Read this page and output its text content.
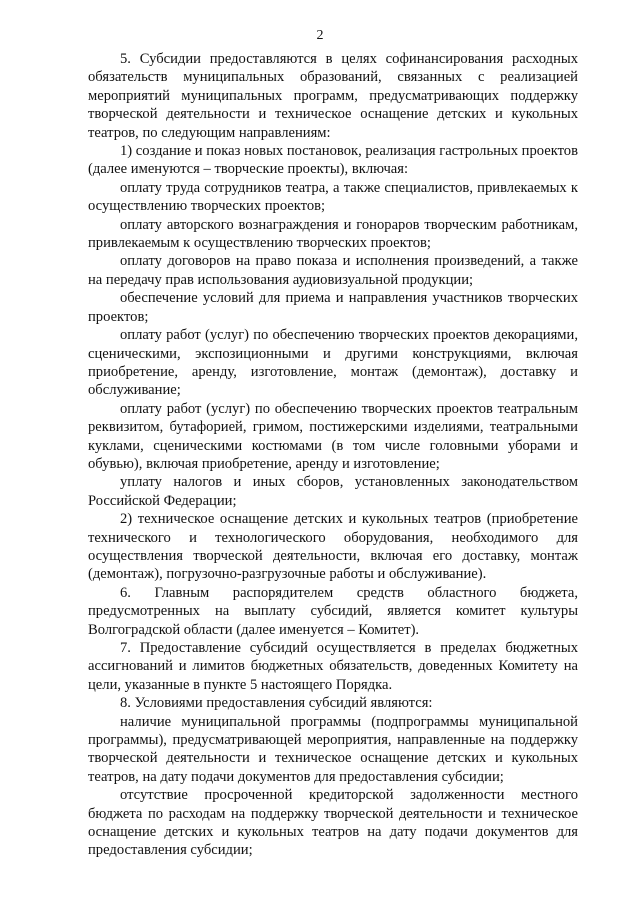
2

5. Субсидии предоставляются в целях софинансирования расходных обязательств муниципальных образований, связанных с реализацией мероприятий муниципальных программ, предусматривающих поддержку творческой деятельности и техническое оснащение детских и кукольных театров, по следующим направлениям:

1) создание и показ новых постановок, реализация гастрольных проектов (далее именуются – творческие проекты), включая:

оплату труда сотрудников театра, а также специалистов, привлекаемых к осуществлению творческих проектов;

оплату авторского вознаграждения и гонораров творческим работникам, привлекаемым к осуществлению творческих проектов;

оплату договоров на право показа и исполнения произведений, а также на передачу прав использования аудиовизуальной продукции;

обеспечение условий для приема и направления участников творческих проектов;

оплату работ (услуг) по обеспечению творческих проектов декорациями, сценическими, экспозиционными и другими конструкциями, включая приобретение, аренду, изготовление, монтаж (демонтаж), доставку и обслуживание;

оплату работ (услуг) по обеспечению творческих проектов театральным реквизитом, бутафорией, гримом, постижерскими изделиями, театральными куклами, сценическими костюмами (в том числе головными уборами и обувью), включая приобретение, аренду и изготовление;

уплату налогов и иных сборов, установленных законодательством Российской Федерации;

2) техническое оснащение детских и кукольных театров (приобретение технического и технологического оборудования, необходимого для осуществления творческой деятельности, включая его доставку, монтаж (демонтаж), погрузочно-разгрузочные работы и обслуживание).

6. Главным распорядителем средств областного бюджета, предусмотренных на выплату субсидий, является комитет культуры Волгоградской области (далее именуется – Комитет).

7. Предоставление субсидий осуществляется в пределах бюджетных ассигнований и лимитов бюджетных обязательств, доведенных Комитету на цели, указанные в пункте 5 настоящего Порядка.

8. Условиями предоставления субсидий являются:

наличие муниципальной программы (подпрограммы муниципальной программы), предусматривающей мероприятия, направленные на поддержку творческой деятельности и техническое оснащение детских и кукольных театров, на дату подачи документов для предоставления субсидии;

отсутствие просроченной кредиторской задолженности местного бюджета по расходам на поддержку творческой деятельности и техническое оснащение детских и кукольных театров на дату подачи документов для предоставления субсидии;
